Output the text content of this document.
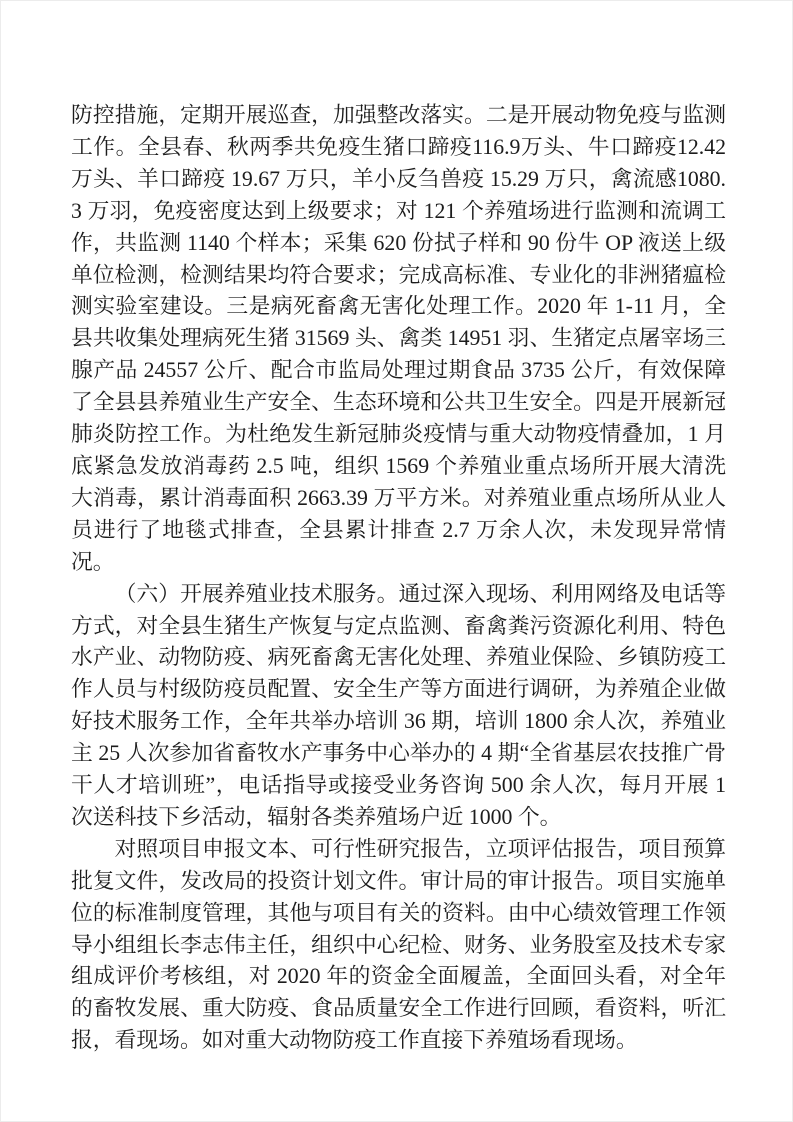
防控措施，定期开展巡查，加强整改落实。二是开展动物免疫与监测工作。全县春、秋两季共免疫生猪口蹄疫116.9万头、牛口蹄疫12.42万头、羊口蹄疫 19.67 万只，羊小反刍兽疫 15.29 万只，禽流感1080.3 万羽，免疫密度达到上级要求；对 121 个养殖场进行监测和流调工作，共监测 1140 个样本；采集 620 份拭子样和 90 份牛 OP 液送上级单位检测，检测结果均符合要求；完成高标准、专业化的非洲猪瘟检测实验室建设。三是病死畜禽无害化处理工作。2020 年 1-11 月，全县共收集处理病死生猪 31569 头、禽类 14951 羽、生猪定点屠宰场三腺产品 24557 公斤、配合市监局处理过期食品 3735 公斤，有效保障了全县县养殖业生产安全、生态环境和公共卫生安全。四是开展新冠肺炎防控工作。为杜绝发生新冠肺炎疫情与重大动物疫情叠加，1 月底紧急发放消毒药 2.5 吨，组织 1569 个养殖业重点场所开展大清洗大消毒，累计消毒面积 2663.39 万平方米。对养殖业重点场所从业人员进行了地毯式排查，全县累计排查 2.7 万余人次，未发现异常情况。

（六）开展养殖业技术服务。通过深入现场、利用网络及电话等方式，对全县生猪生产恢复与定点监测、畜禽粪污资源化利用、特色水产业、动物防疫、病死畜禽无害化处理、养殖业保险、乡镇防疫工作人员与村级防疫员配置、安全生产等方面进行调研，为养殖企业做好技术服务工作，全年共举办培训 36 期，培训 1800 余人次，养殖业主 25 人次参加省畜牧水产事务中心举办的 4 期“全省基层农技推广骨干人才培训班”，电话指导或接受业务咨询 500 余人次，每月开展 1 次送科技下乡活动，辐射各类养殖场户近 1000 个。

对照项目申报文本、可行性研究报告，立项评估报告，项目预算批复文件，发改局的投资计划文件。审计局的审计报告。项目实施单位的标准制度管理，其他与项目有关的资料。由中心绩效管理工作领导小组组长李志伟主任，组织中心纪检、财务、业务股室及技术专家组成评价考核组，对 2020 年的资金全面履盖，全面回头看，对全年的畜牧发展、重大防疫、食品质量安全工作进行回顾，看资料，听汇报，看现场。如对重大动物防疫工作直接下养殖场看现场。
